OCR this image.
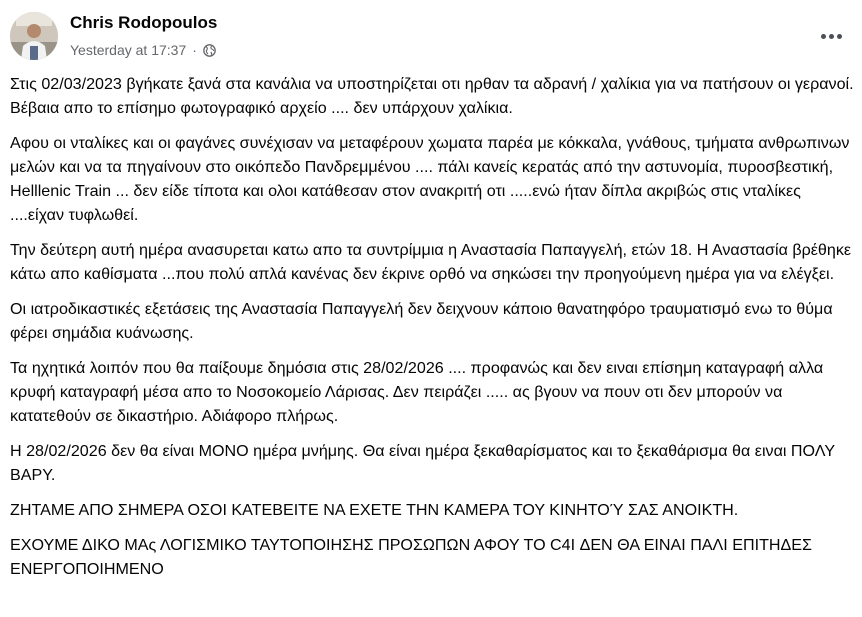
Chris Rodopoulos
Yesterday at 17:37 ·

Στις 02/03/2023 βγήκατε ξανά στα κανάλια να υποστηρίζεται οτι ηρθαν τα αδρανή / χαλίκια για να πατήσουν οι γερανοί. Βέβαια απο το επίσημο φωτογραφικό αρχείο .... δεν υπάρχουν χαλίκια.

Αφου οι νταλίκες και οι φαγάνες συνέχισαν να μεταφέρουν χωματα παρέα με κόκκαλα, γνάθους, τμήματα ανθρωπινων μελών και να τα πηγαίνουν στο οικόπεδο Πανδρεμμένου .... πάλι κανείς κερατάς από την αστυνομία, πυροσβεστική, Helllenic Train ... δεν είδε τίποτα και ολοι κατάθεσαν στον ανακριτή οτι .....ενώ ήταν δίπλα ακριβώς στις νταλίκες ....είχαν τυφλωθεί.

Την δεύτερη αυτή ημέρα ανασυρεται κατω απο τα συντρίμμια η Αναστασία Παπαγγελή, ετών 18. Η Αναστασία βρέθηκε κάτω απο καθίσματα ...που πολύ απλά κανένας δεν έκρινε ορθό να σηκώσει την προηγούμενη ημέρα για να ελέγξει.

Οι ιατροδικαστικές εξετάσεις της Αναστασία Παπαγγελή δεν δειχνουν κάποιο θανατηφόρο τραυματισμό ενω το θύμα φέρει σημάδια κυάνωσης.

Τα ηχητικά λοιπόν που θα παίξουμε δημόσια στις 28/02/2026 .... προφανώς και δεν ειναι επίσημη καταγραφή αλλα κρυφή καταγραφή μέσα απο το Νοσοκομείο Λάρισας. Δεν πειράζει ..... ας βγουν να πουν οτι δεν μπορούν να κατατεθούν σε δικαστήριο. Αδιάφορο πλήρως.

Η 28/02/2026 δεν θα είναι ΜΟΝΟ ημέρα μνήμης. Θα είναι ημέρα ξεκαθαρίσματος και το ξεκαθάρισμα θα ειναι ΠΟΛΥ ΒΑΡΥ.

ΖΗΤΑΜΕ ΑΠΟ ΣΗΜΕΡΑ ΟΣΟΙ ΚΑΤΕΒΕΙΤΕ ΝΑ ΕΧΕΤΕ ΤΗΝ ΚΑΜΕΡΑ ΤΟΥ ΚΙΝΗΤΟΎ ΣΑΣ ΑΝΟΙΚΤΗ.

ΕΧΟΥΜΕ ΔΙΚΟ ΜΑς ΛΟΓΙΣΜΙΚΟ ΤΑΥΤΟΠΟΙΗΣΗΣ ΠΡΟΣΩΠΩΝ ΑΦΟΥ ΤΟ C4I ΔΕΝ ΘΑ ΕΙΝΑΙ ΠΑΛΙ ΕΠΙΤΗΔΕΣ ΕΝΕΡΓΟΠΟΙΗΜΕΝΟ
